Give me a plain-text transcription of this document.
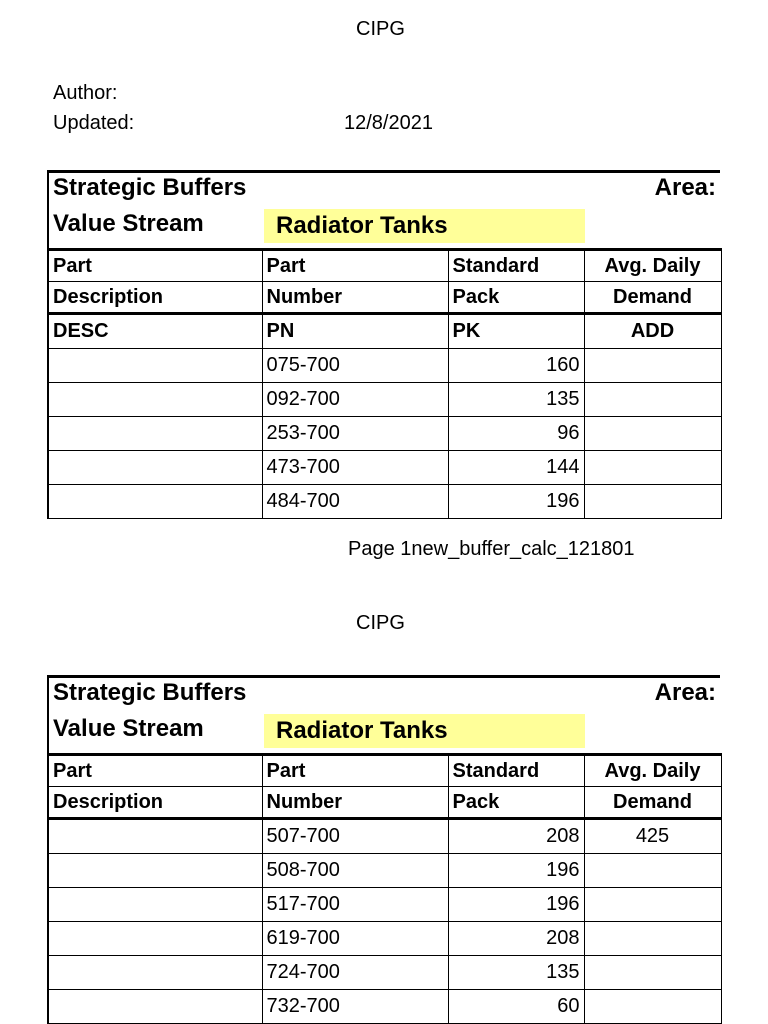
CIPG
Author:
Updated:	12/8/2021
Strategic Buffers	Area:
Value Stream	Radiator Tanks
Part	Part	Standard	Avg. Daily
Description	Number	Pack	Demand
DESC	PN	PK	ADD
	075-700	160	
	092-700	135	
	253-700	96	
	473-700	144	
	484-700	196	
Page 1new_buffer_calc_121801
CIPG
Strategic Buffers	Area:
Value Stream	Radiator Tanks
Part	Part	Standard	Avg. Daily
Description	Number	Pack	Demand
	507-700	208	425
	508-700	196	
	517-700	196	
	619-700	208	
	724-700	135	
	732-700	60	
